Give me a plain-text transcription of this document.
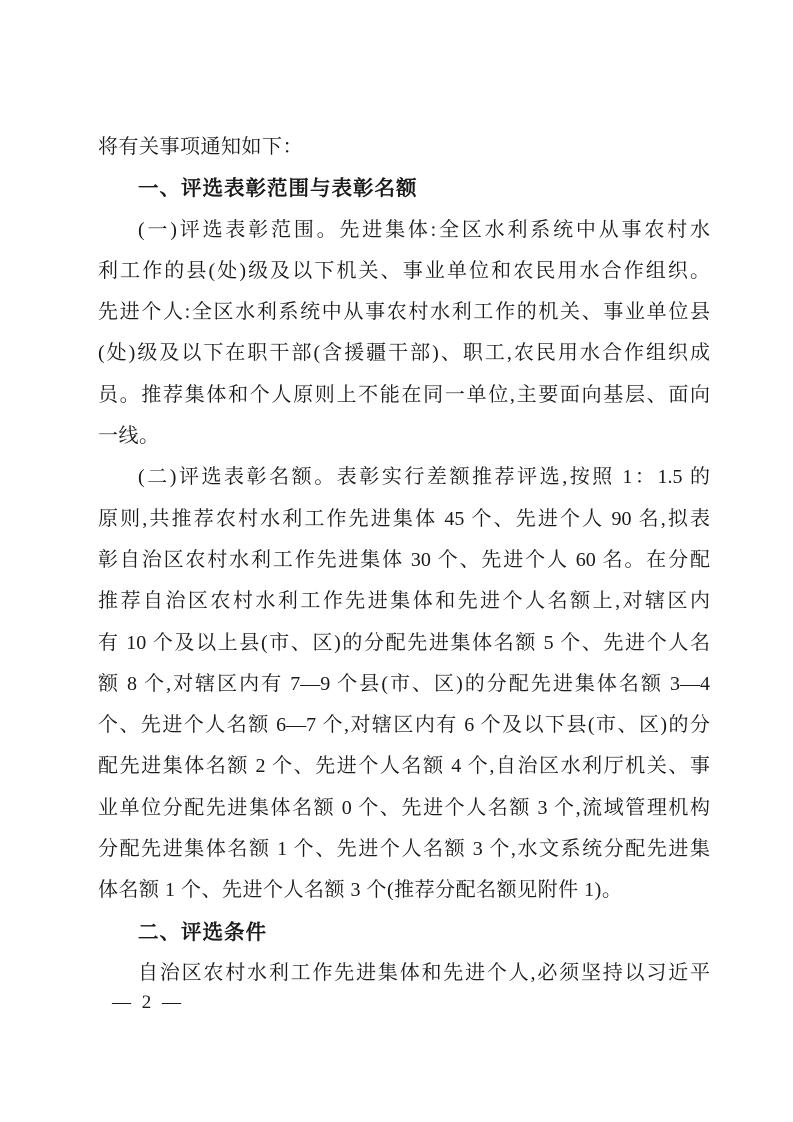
将有关事项通知如下：
一、评选表彰范围与表彰名额
(一)评选表彰范围。先进集体:全区水利系统中从事农村水
利工作的县(处)级及以下机关、事业单位和农民用水合作组织。
先进个人:全区水利系统中从事农村水利工作的机关、事业单位县
(处)级及以下在职干部(含援疆干部)、职工,农民用水合作组织成
员。推荐集体和个人原则上不能在同一单位,主要面向基层、面向
一线。
(二)评选表彰名额。表彰实行差额推荐评选,按照 1：1.5 的
原则,共推荐农村水利工作先进集体 45 个、先进个人 90 名,拟表
彰自治区农村水利工作先进集体 30 个、先进个人 60 名。在分配
推荐自治区农村水利工作先进集体和先进个人名额上,对辖区内
有 10 个及以上县(市、区)的分配先进集体名额 5 个、先进个人名
额 8 个,对辖区内有 7—9 个县(市、区)的分配先进集体名额 3—4
个、先进个人名额 6—7 个,对辖区内有 6 个及以下县(市、区)的分
配先进集体名额 2 个、先进个人名额 4 个,自治区水利厅机关、事
业单位分配先进集体名额 0 个、先进个人名额 3 个,流域管理机构
分配先进集体名额 1 个、先进个人名额 3 个,水文系统分配先进集
体名额 1 个、先进个人名额 3 个(推荐分配名额见附件 1)。
二、评选条件
自治区农村水利工作先进集体和先进个人,必须坚持以习近平
— 2 —
